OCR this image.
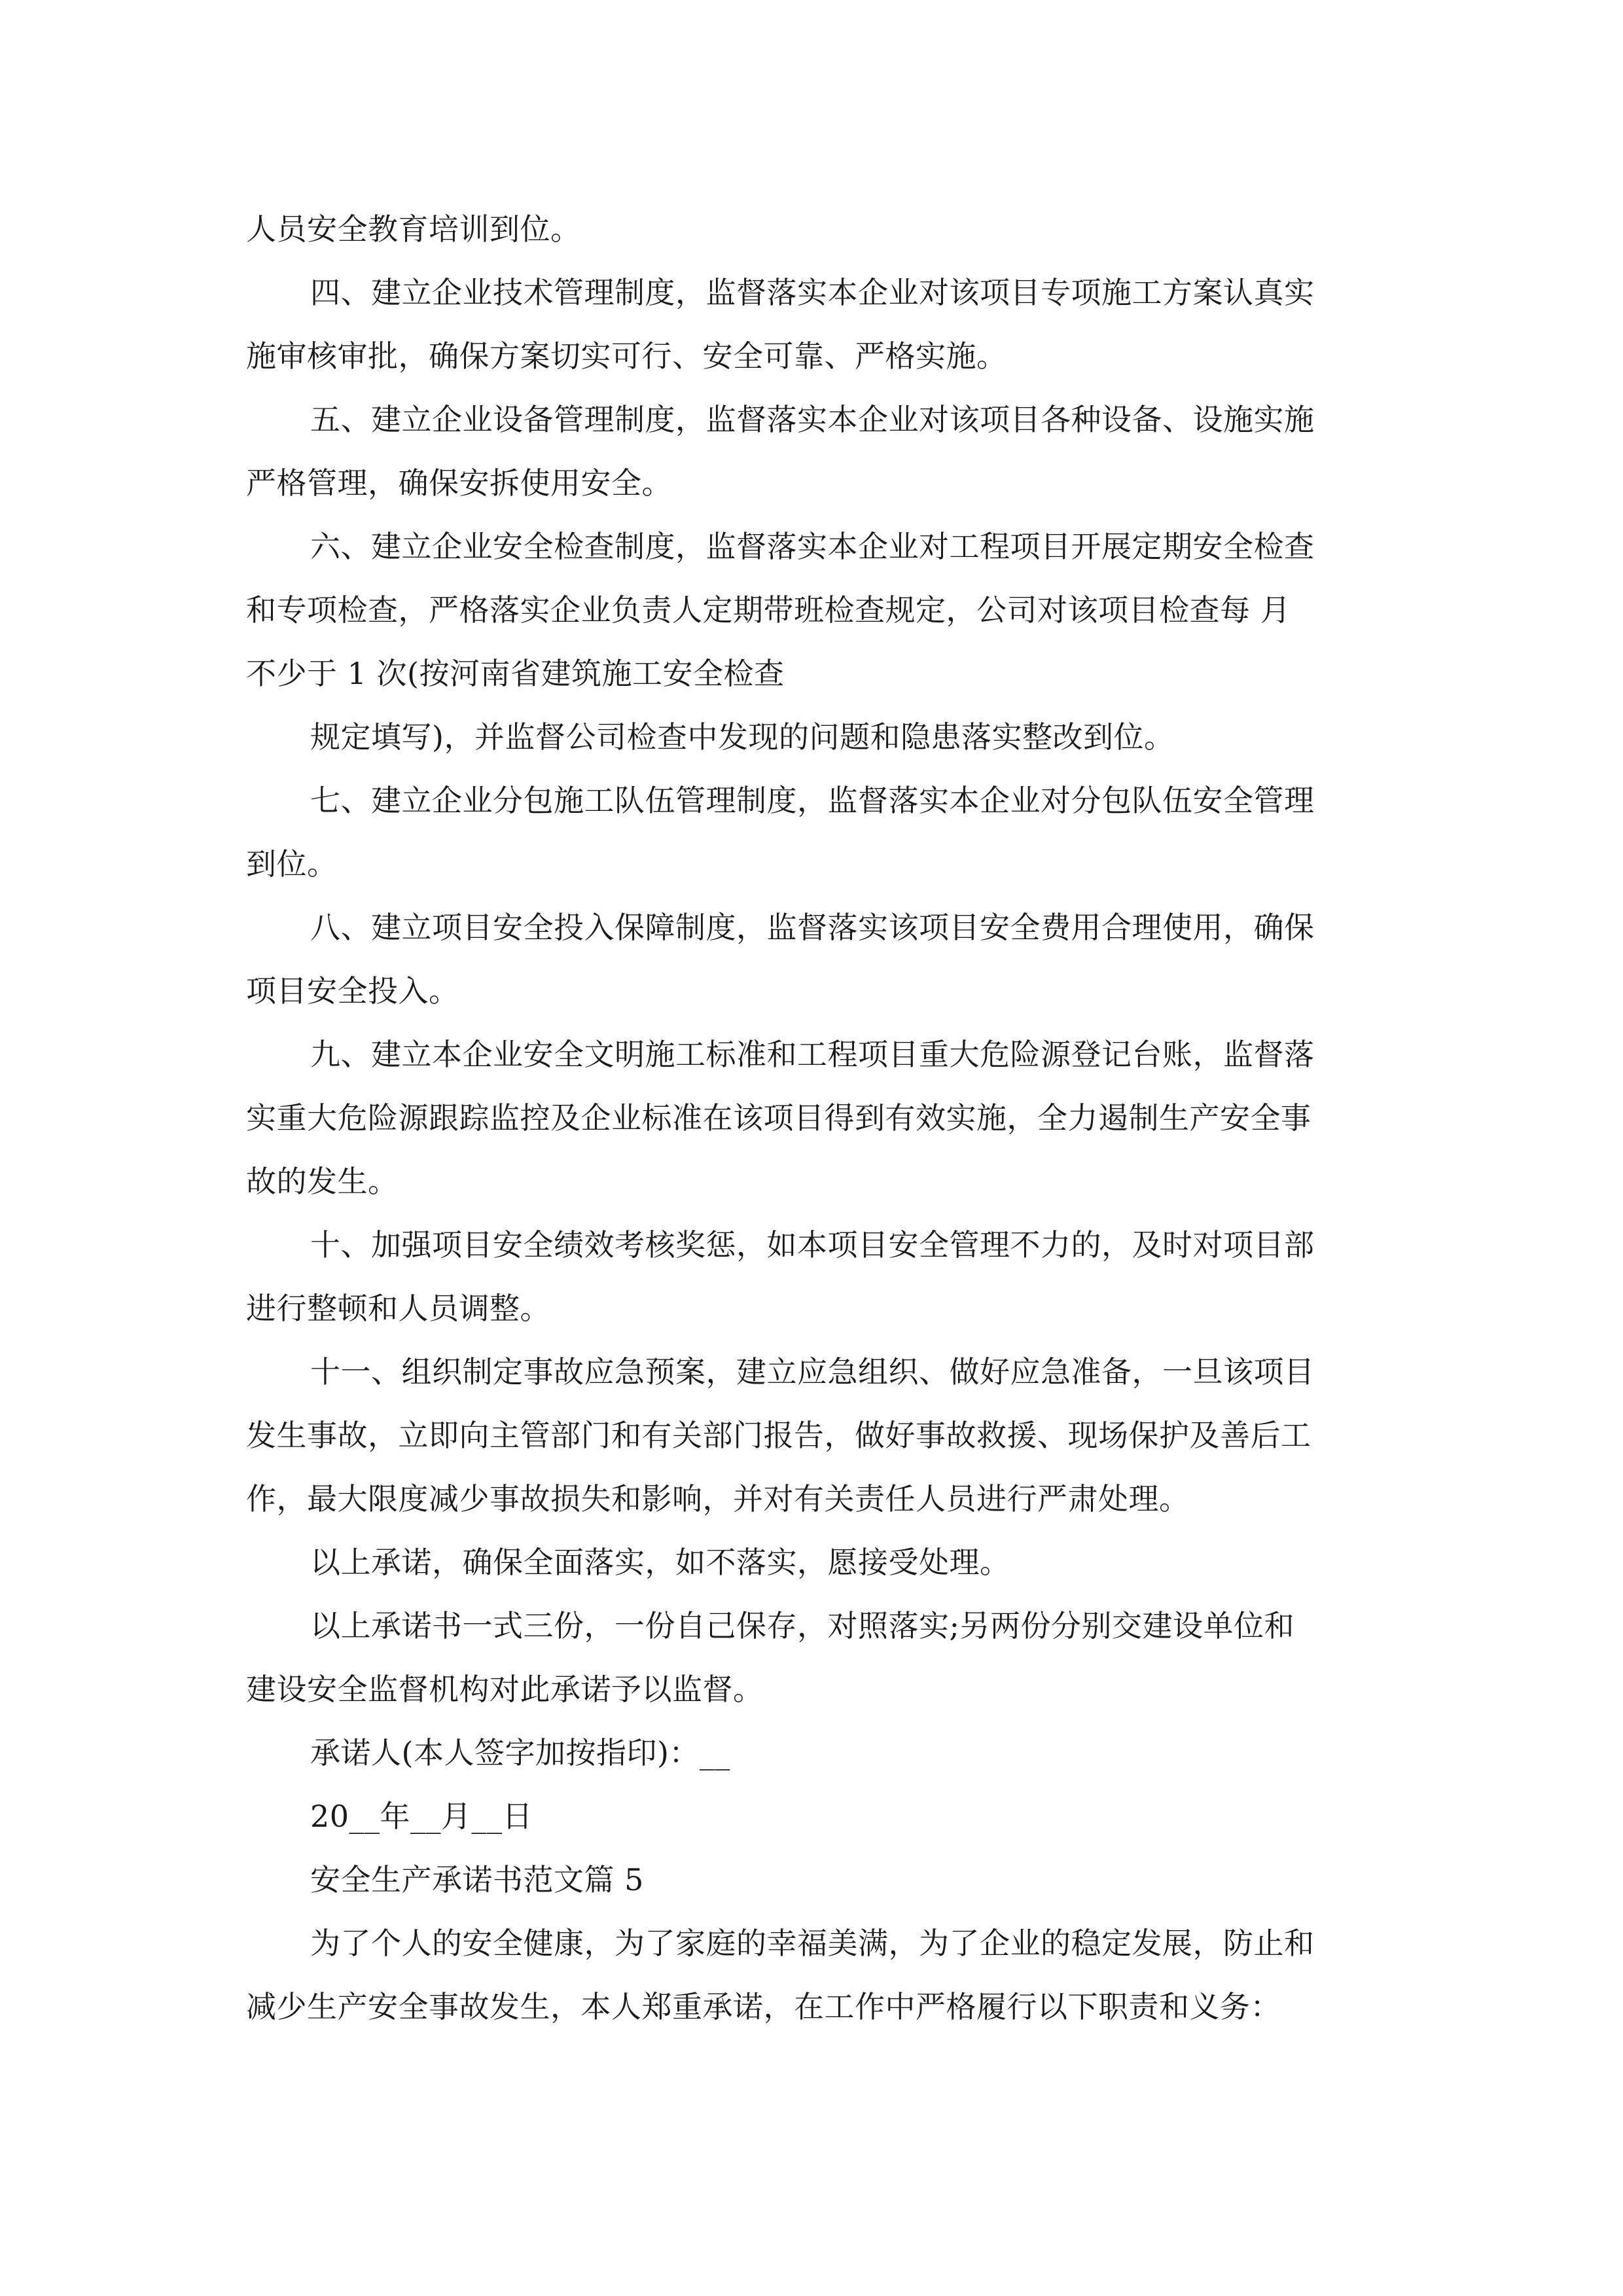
人员安全教育培训到位。
四、建立企业技术管理制度，监督落实本企业对该项目专项施工方案认真实
施审核审批，确保方案切实可行、安全可靠、严格实施。
五、建立企业设备管理制度，监督落实本企业对该项目各种设备、设施实施
严格管理，确保安拆使用安全。
六、建立企业安全检查制度，监督落实本企业对工程项目开展定期安全检查
和专项检查，严格落实企业负责人定期带班检查规定，公司对该项目检查每 月
不少于 1 次(按河南省建筑施工安全检查
规定填写)，并监督公司检查中发现的问题和隐患落实整改到位。
七、建立企业分包施工队伍管理制度，监督落实本企业对分包队伍安全管理
到位。
八、建立项目安全投入保障制度，监督落实该项目安全费用合理使用，确保
项目安全投入。
九、建立本企业安全文明施工标准和工程项目重大危险源登记台账，监督落
实重大危险源跟踪监控及企业标准在该项目得到有效实施，全力遏制生产安全事
故的发生。
十、加强项目安全绩效考核奖惩，如本项目安全管理不力的，及时对项目部
进行整顿和人员调整。
十一、组织制定事故应急预案，建立应急组织、做好应急准备，一旦该项目
发生事故，立即向主管部门和有关部门报告，做好事故救援、现场保护及善后工
作，最大限度减少事故损失和影响，并对有关责任人员进行严肃处理。
以上承诺，确保全面落实，如不落实，愿接受处理。
以上承诺书一式三份，一份自己保存，对照落实;另两份分别交建设单位和
建设安全监督机构对此承诺予以监督。
承诺人(本人签字加按指印)：__
20__年__月__日
安全生产承诺书范文篇 5
为了个人的安全健康，为了家庭的幸福美满，为了企业的稳定发展，防止和
减少生产安全事故发生，本人郑重承诺，在工作中严格履行以下职责和义务：
